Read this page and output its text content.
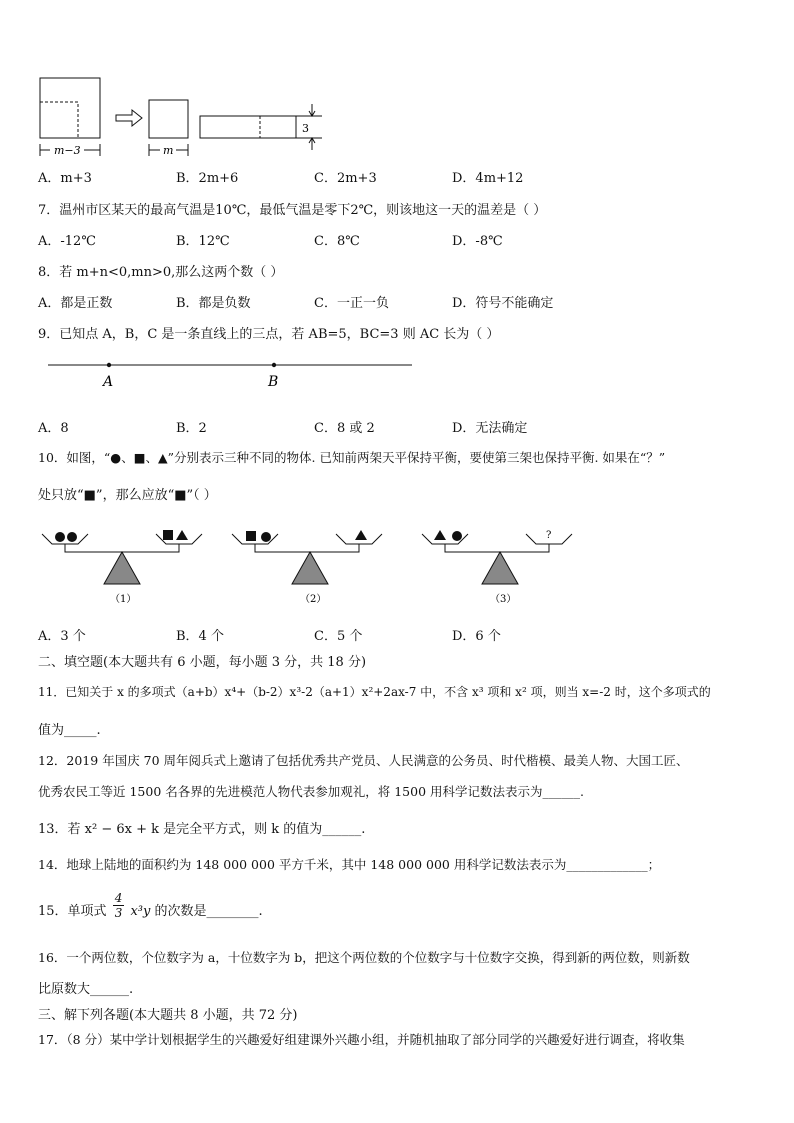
m−3	m
3
A．m+3	B．2m+6	C．2m+3	D．4m+12
7．温州市区某天的最高气温是10℃，最低气温是零下2℃，则该地这一天的温差是（ ）
A．-12℃	B．12℃	C．8℃	D．-8℃
8．若 m+n<0,mn>0,那么这两个数（ ）
A．都是正数	B．都是负数	C．一正一负	D．符号不能确定
9．已知点 A，B，C 是一条直线上的三点，若 AB=5，BC=3 则 AC 长为（ ）
A	B
A．8	B．2	C．8 或 2	D．无法确定
10．如图，“●、■、▲”分别表示三种不同的物体. 已知前两架天平保持平衡，要使第三架也保持平衡. 如果在“？”
处只放“■”，那么应放“■”（ ）
（1）	（2）
?
（3）
A．3 个	B．4 个	C．5 个	D．6 个
二、填空题(本大题共有 6 小题，每小题 3 分，共 18 分)
11．已知关于 x 的多项式（a+b）x⁴+（b-2）x³-2（a+1）x²+2ax-7 中，不含 x³ 项和 x² 项，则当 x=-2 时，这个多项式的
值为_____.
12．2019 年国庆 70 周年阅兵式上邀请了包括优秀共产党员、人民满意的公务员、时代楷模、最美人物、大国工匠、
优秀农民工等近 1500 名各界的先进模范人物代表参加观礼，将 1500 用科学记数法表示为______.
13．若 x² − 6x + k 是完全平方式，则 k 的值为______.
14．地球上陆地的面积约为 148 000 000 平方千米，其中 148 000 000 用科学记数法表示为_____________；
15．单项式 $\frac{4}{3} x^3y$ 的次数是________.
16．一个两位数，个位数字为 a，十位数字为 b，把这个两位数的个位数字与十位数字交换，得到新的两位数，则新数
比原数大______.
三、解下列各题(本大题共 8 小题，共 72 分)
17．（8 分）某中学计划根据学生的兴趣爱好组建课外兴趣小组，并随机抽取了部分同学的兴趣爱好进行调查，将收集
